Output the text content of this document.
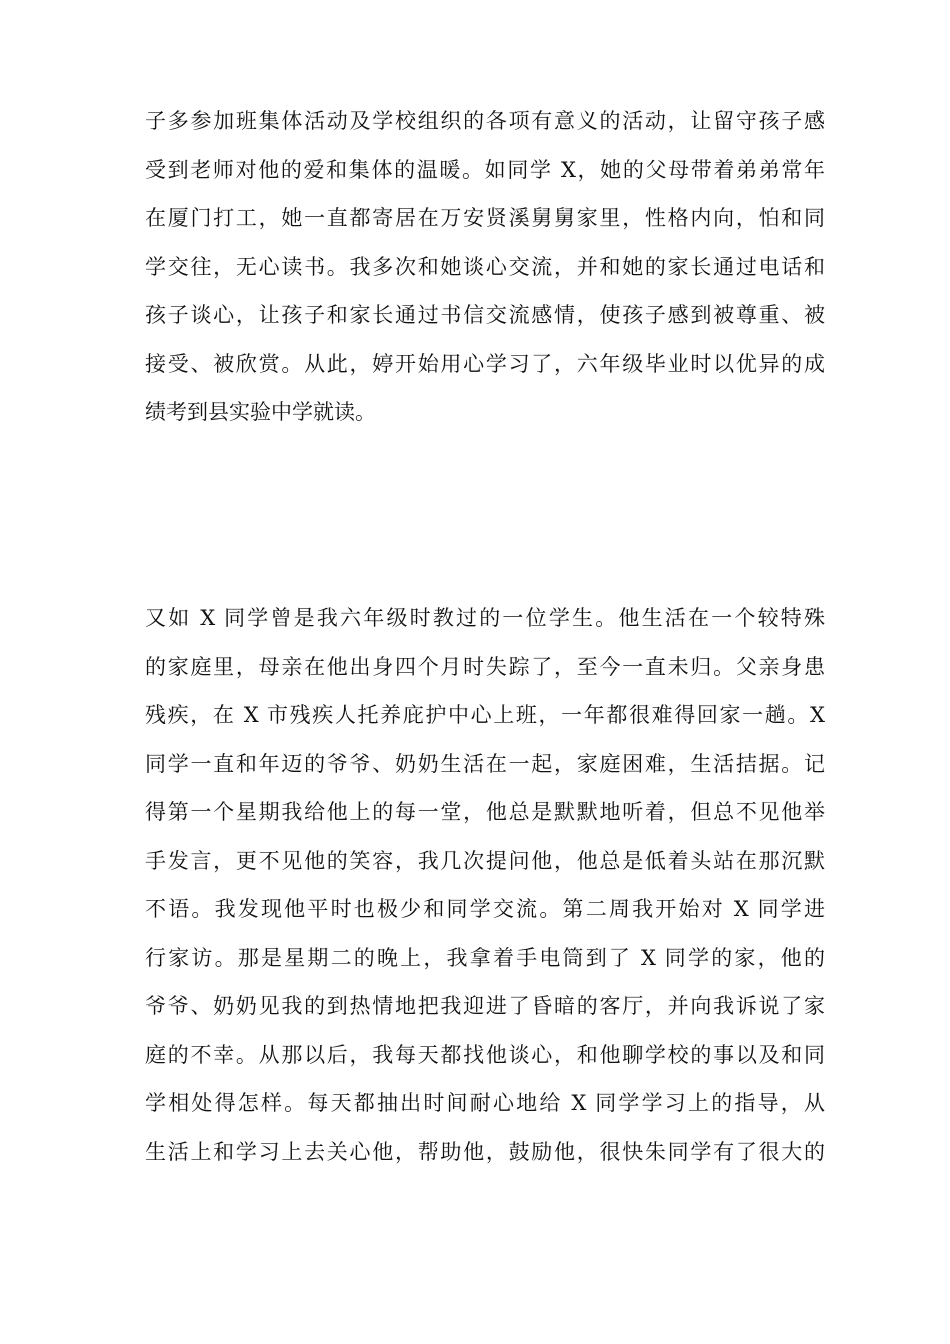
子多参加班集体活动及学校组织的各项有意义的活动，让留守孩子感
受到老师对他的爱和集体的温暖。如同学 X，她的父母带着弟弟常年
在厦门打工，她一直都寄居在万安贤溪舅舅家里，性格内向，怕和同
学交往，无心读书。我多次和她谈心交流，并和她的家长通过电话和
孩子谈心，让孩子和家长通过书信交流感情，使孩子感到被尊重、被
接受、被欣赏。从此，婷开始用心学习了，六年级毕业时以优异的成
绩考到县实验中学就读。
又如 X 同学曾是我六年级时教过的一位学生。他生活在一个较特殊
的家庭里，母亲在他出身四个月时失踪了，至今一直未归。父亲身患
残疾，在 X 市残疾人托养庇护中心上班，一年都很难得回家一趟。X
同学一直和年迈的爷爷、奶奶生活在一起，家庭困难，生活拮据。记
得第一个星期我给他上的每一堂，他总是默默地听着，但总不见他举
手发言，更不见他的笑容，我几次提问他，他总是低着头站在那沉默
不语。我发现他平时也极少和同学交流。第二周我开始对 X 同学进
行家访。那是星期二的晚上，我拿着手电筒到了 X 同学的家，他的
爷爷、奶奶见我的到热情地把我迎进了昏暗的客厅，并向我诉说了家
庭的不幸。从那以后，我每天都找他谈心，和他聊学校的事以及和同
学相处得怎样。每天都抽出时间耐心地给 X 同学学习上的指导，从
生活上和学习上去关心他，帮助他，鼓励他，很快朱同学有了很大的
